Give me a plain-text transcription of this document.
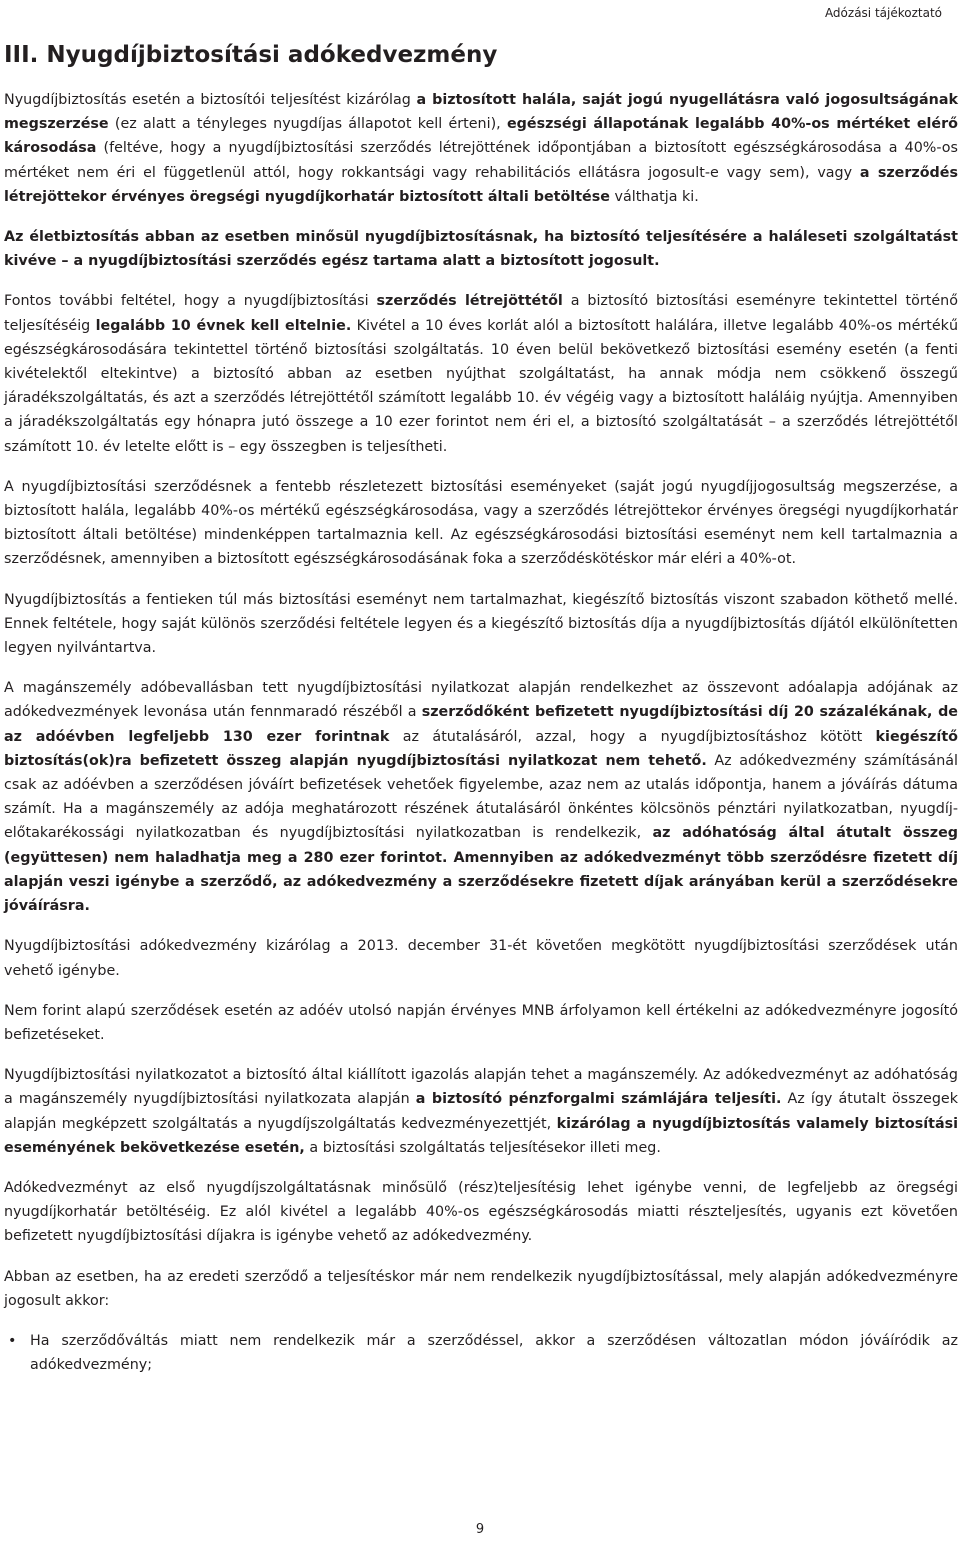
Adózási tájékoztató
III. Nyugdíjbiztosítási adókedvezmény

Nyugdíjbiztosítás esetén a biztosítói teljesítést kizárólag a biztosított halála, saját jogú nyugellátásra való jogosultságának megszerzése (ez alatt a tényleges nyugdíjas állapotot kell érteni), egészségi állapotának legalább 40%-os mértéket elérő károsodása (feltéve, hogy a nyugdíjbiztosítási szerződés létrejöttének időpontjában a biztosított egészségkárosodása a 40%-os mértéket nem éri el függetlenül attól, hogy rokkantsági vagy rehabilitációs ellátásra jogosult-e vagy sem), vagy a szerződés létrejöttekor érvényes öregségi nyugdíjkorhatár biztosított általi betöltése válthatja ki.

Az életbiztosítás abban az esetben minősül nyugdíjbiztosításnak, ha biztosító teljesítésére a haláleseti szolgáltatást kivéve – a nyugdíjbiztosítási szerződés egész tartama alatt a biztosított jogosult.

Fontos további feltétel, hogy a nyugdíjbiztosítási szerződés létrejöttétől a biztosító biztosítási eseményre tekintettel történő teljesítéséig legalább 10 évnek kell eltelnie. Kivétel a 10 éves korlát alól a biztosított halálára, illetve legalább 40%-os mértékű egészségkárosodására tekintettel történő biztosítási szolgáltatás. 10 éven belül bekövetkező biztosítási esemény esetén (a fenti kivételektől eltekintve) a biztosító abban az esetben nyújthat szolgáltatást, ha annak módja nem csökkenő összegű járadékszolgáltatás, és azt a szerződés létrejöttétől számított legalább 10. év végéig vagy a biztosított haláláig nyújtja. Amennyiben a járadékszolgáltatás egy hónapra jutó összege a 10 ezer forintot nem éri el, a biztosító szolgáltatását – a szerződés létrejöttétől számított 10. év letelte előtt is – egy összegben is teljesítheti.

A nyugdíjbiztosítási szerződésnek a fentebb részletezett biztosítási eseményeket (saját jogú nyugdíjjogosultság megszerzése, a biztosított halála, legalább 40%-os mértékű egészségkárosodása, vagy a szerződés létrejöttekor érvényes öregségi nyugdíjkorhatár biztosított általi betöltése) mindenképpen tartalmaznia kell. Az egészségkárosodási biztosítási eseményt nem kell tartalmaznia a szerződésnek, amennyiben a biztosított egészségkárosodásának foka a szerződéskötéskor már eléri a 40%-ot.

Nyugdíjbiztosítás a fentieken túl más biztosítási eseményt nem tartalmazhat, kiegészítő biztosítás viszont szabadon köthető mellé. Ennek feltétele, hogy saját különös szerződési feltétele legyen és a kiegészítő biztosítás díja a nyugdíjbiztosítás díjától elkülönítetten legyen nyilvántartva.

A magánszemély adóbevallásban tett nyugdíjbiztosítási nyilatkozat alapján rendelkezhet az összevont adóalapja adójának az adókedvezmények levonása után fennmaradó részéből a szerződőként befizetett nyugdíjbiztosítási díj 20 százalékának, de az adóévben legfeljebb 130 ezer forintnak az átutalásáról, azzal, hogy a nyugdíjbiztosításhoz kötött kiegészítő biztosítás(ok)ra befizetett összeg alapján nyugdíjbiztosítási nyilatkozat nem tehető. Az adókedvezmény számításánál csak az adóévben a szerződésen jóváírt befizetések vehetőek figyelembe, azaz nem az utalás időpontja, hanem a jóváírás dátuma számít. Ha a magánszemély az adója meghatározott részének átutalásáról önkéntes kölcsönös pénztári nyilatkozatban, nyugdíj-előtakarékossági nyilatkozatban és nyugdíjbiztosítási nyilatkozatban is rendelkezik, az adóhatóság által átutalt összeg (együttesen) nem haladhatja meg a 280 ezer forintot. Amennyiben az adókedvezményt több szerződésre fizetett díj alapján veszi igénybe a szerződő, az adókedvezmény a szerződésekre fizetett díjak arányában kerül a szerződésekre jóváírásra.

Nyugdíjbiztosítási adókedvezmény kizárólag a 2013. december 31-ét követően megkötött nyugdíjbiztosítási szerződések után vehető igénybe.

Nem forint alapú szerződések esetén az adóév utolsó napján érvényes MNB árfolyamon kell értékelni az adókedvezményre jogosító befizetéseket.

Nyugdíjbiztosítási nyilatkozatot a biztosító által kiállított igazolás alapján tehet a magánszemély. Az adókedvezményt az adóhatóság a magánszemély nyugdíjbiztosítási nyilatkozata alapján a biztosító pénzforgalmi számlájára teljesíti. Az így átutalt összegek alapján megképzett szolgáltatás a nyugdíjszolgáltatás kedvezményezettjét, kizárólag a nyugdíjbiztosítás valamely biztosítási eseményének bekövetkezése esetén, a biztosítási szolgáltatás teljesítésekor illeti meg.

Adókedvezményt az első nyugdíjszolgáltatásnak minősülő (rész)teljesítésig lehet igénybe venni, de legfeljebb az öregségi nyugdíjkorhatár betöltéséig. Ez alól kivétel a legalább 40%-os egészségkárosodás miatti részteljesítés, ugyanis ezt követően befizetett nyugdíjbiztosítási díjakra is igénybe vehető az adókedvezmény.

Abban az esetben, ha az eredeti szerződő a teljesítéskor már nem rendelkezik nyugdíjbiztosítással, mely alapján adókedvezményre jogosult akkor:

• Ha szerződőváltás miatt nem rendelkezik már a szerződéssel, akkor a szerződésen változatlan módon jóváíródik az adókedvezmény;
9
